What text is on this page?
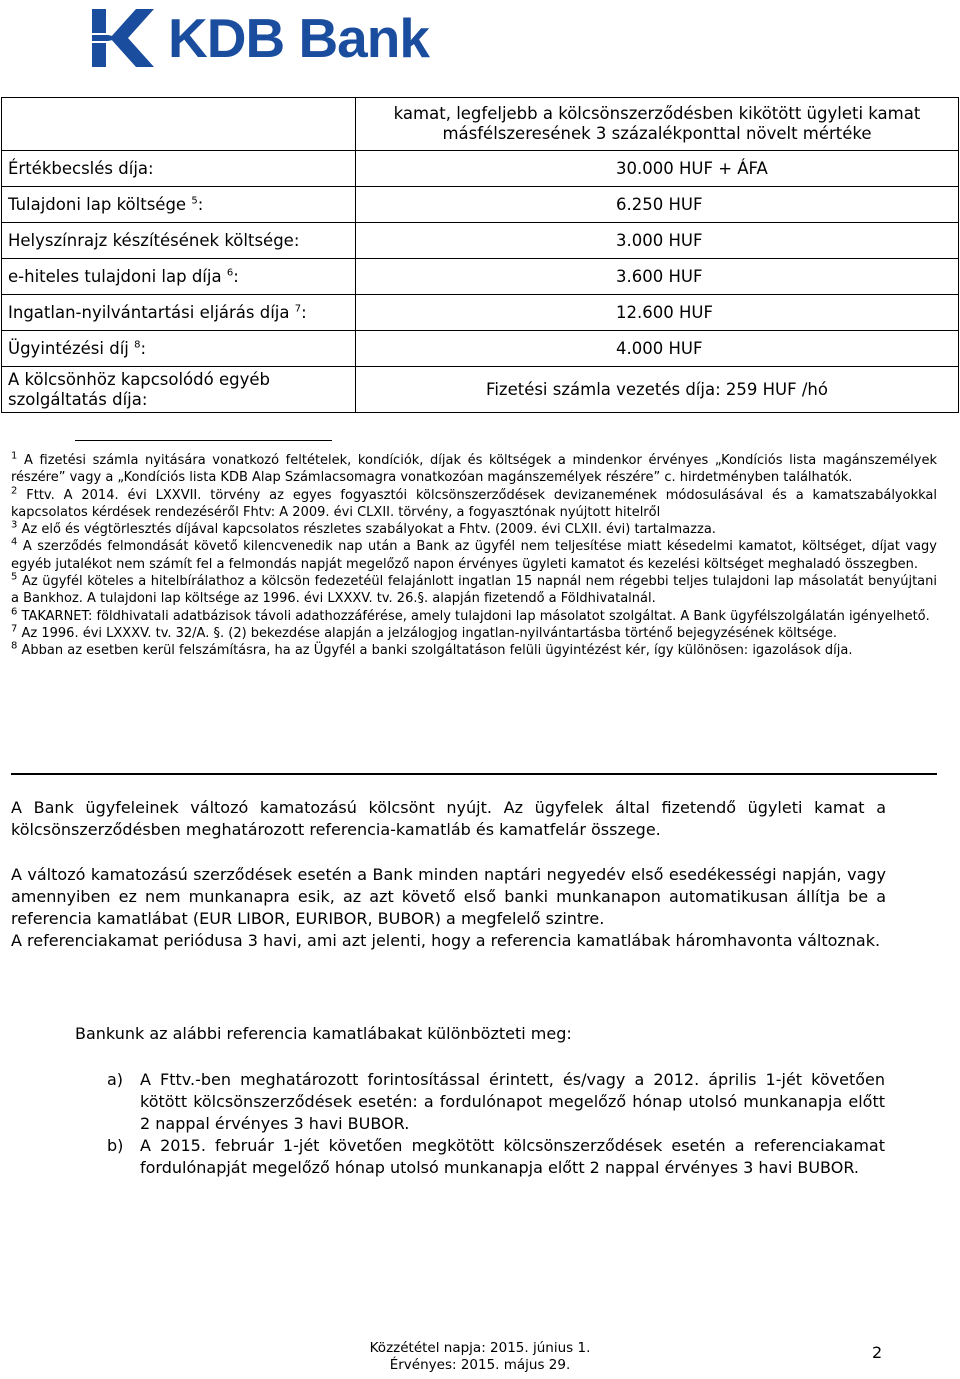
KDB Bank
	kamat, legfeljebb a kölcsönszerződésben kikötött ügyleti kamat másfélszeresének 3 százalékponttal növelt mértéke
Értékbecslés díja:	30.000 HUF + ÁFA
Tulajdoni lap költsége $^5$:	6.250 HUF
Helyszínrajz készítésének költsége:	3.000 HUF
e-hiteles tulajdoni lap díja $^6$:	3.600 HUF
Ingatlan-nyilvántartási eljárás díja $^7$:	12.600 HUF
Ügyintézési díj $^8$:	4.000 HUF
A kölcsönhöz kapcsolódó egyéb szolgáltatás díja:	Fizetési számla vezetés díja: 259 HUF /hó

$^1$ A fizetési számla nyitására vonatkozó feltételek, kondíciók, díjak és költségek a mindenkor érvényes „Kondíciós lista magánszemélyek részére” vagy a „Kondíciós lista KDB Alap Számlacsomagra vonatkozóan magánszemélyek részére” c. hirdetményben találhatók.

$^2$ Fttv. A 2014. évi LXXVII. törvény az egyes fogyasztói kölcsönszerződések devizanemének módosulásával és a kamatszabályokkal kapcsolatos kérdések rendezéséről Fhtv: A 2009. évi CLXII. törvény, a fogyasztónak nyújtott hitelről

$^3$ Az elő és végtörlesztés díjával kapcsolatos részletes szabályokat a Fhtv. (2009. évi CLXII. évi) tartalmazza.

$^4$ A szerződés felmondását követő kilencvenedik nap után a Bank az ügyfél nem teljesítése miatt késedelmi kamatot, költséget, díjat vagy egyéb jutalékot nem számít fel a felmondás napját megelőző napon érvényes ügyleti kamatot és kezelési költséget meghaladó összegben.

$^5$ Az ügyfél köteles a hitelbírálathoz a kölcsön fedezetéül felajánlott ingatlan 15 napnál nem régebbi teljes tulajdoni lap másolatát benyújtani a Bankhoz. A tulajdoni lap költsége az 1996. évi LXXXV. tv. 26.§. alapján fizetendő a Földhivatalnál.

$^6$ TAKARNET: földhivatali adatbázisok távoli adathozzáférése, amely tulajdoni lap másolatot szolgáltat. A Bank ügyfélszolgálatán igényelhető.

$^7$ Az 1996. évi LXXXV. tv. 32/A. §. (2) bekezdése alapján a jelzálogjog ingatlan-nyilvántartásba történő bejegyzésének költsége.

$^8$ Abban az esetben kerül felszámításra, ha az Ügyfél a banki szolgáltatáson felüli ügyintézést kér, így különösen: igazolások díja.

A Bank ügyfeleinek változó kamatozású kölcsönt nyújt. Az ügyfelek által fizetendő ügyleti kamat a kölcsönszerződésben meghatározott referencia-kamatláb és kamatfelár összege.

A változó kamatozású szerződések esetén a Bank minden naptári negyedév első esedékességi napján, vagy amennyiben ez nem munkanapra esik, az azt követő első banki munkanapon automatikusan állítja be a referencia kamatlábat (EUR LIBOR, EURIBOR, BUBOR) a megfelelő szintre.

A referenciakamat periódusa 3 havi, ami azt jelenti, hogy a referencia kamatlábak háromhavonta változnak.

Bankunk az alábbi referencia kamatlábakat különbözteti meg:

a)	A Fttv.-ben meghatározott forintosítással érintett, és/vagy a 2012. április 1-jét követően kötött kölcsönszerződések esetén: a fordulónapot megelőző hónap utolsó munkanapja előtt 2 nappal érvényes 3 havi BUBOR.
b)	A 2015. február 1-jét követően megkötött kölcsönszerződések esetén a referenciakamat fordulónapját megelőző hónap utolsó munkanapja előtt 2 nappal érvényes 3 havi BUBOR.
Közzététel napja: 2015. június 1.
Érvényes: 2015. május 29.
2
